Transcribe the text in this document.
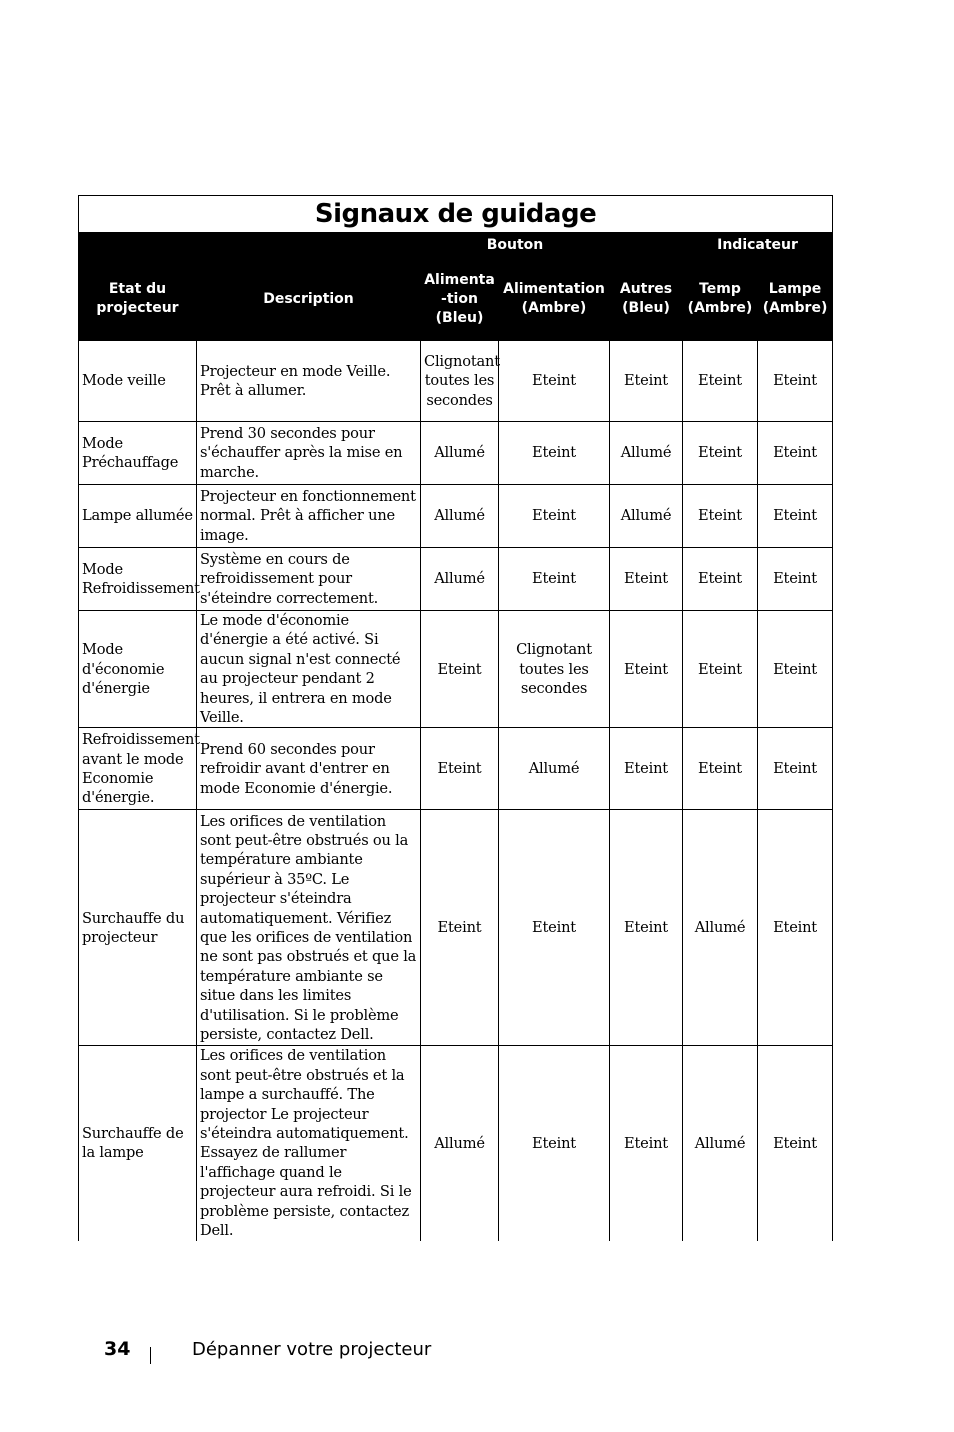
Signaux de guidage						
		Bouton			Indicateur	
Etat du projecteur	Description	Alimenta -tion (Bleu)	Alimentation (Ambre)	Autres (Bleu)	Temp (Ambre)	Lampe (Ambre)
Mode veille	Projecteur en mode Veille. Prêt à allumer.	Clignotant toutes les secondes	Eteint	Eteint	Eteint	Eteint
Mode Préchauffage	Prend 30 secondes pour s'échauffer après la mise en marche.	Allumé	Eteint	Allumé	Eteint	Eteint
Lampe allumée	Projecteur en fonctionnement normal. Prêt à afficher une image.	Allumé	Eteint	Allumé	Eteint	Eteint
Mode Refroidissement	Système en cours de refroidissement pour s'éteindre correctement.	Allumé	Eteint	Eteint	Eteint	Eteint
Mode d'économie d'énergie	Le mode d'économie d'énergie a été activé. Si aucun signal n'est connecté au projecteur pendant 2 heures, il entrera en mode Veille.	Eteint	Clignotant toutes les secondes	Eteint	Eteint	Eteint
Refroidissement avant le mode Economie d'énergie.	Prend 60 secondes pour refroidir avant d'entrer en mode Economie d'énergie.	Eteint	Allumé	Eteint	Eteint	Eteint
Surchauffe du projecteur	Les orifices de ventilation sont peut-être obstrués ou la température ambiante supérieur à 35ºC. Le projecteur s'éteindra automatiquement. Vérifiez que les orifices de ventilation ne sont pas obstrués et que la température ambiante se situe dans les limites d'utilisation. Si le problème persiste, contactez Dell.	Eteint	Eteint	Eteint	Allumé	Eteint
Surchauffe de la lampe	Les orifices de ventilation sont peut-être obstrués et la lampe a surchauffé. The projector Le projecteur s'éteindra automatiquement. Essayez de rallumer l'affichage quand le projecteur aura refroidi. Si le problème persiste, contactez Dell.	Allumé	Eteint	Eteint	Allumé	Eteint
34	Dépanner votre projecteur
